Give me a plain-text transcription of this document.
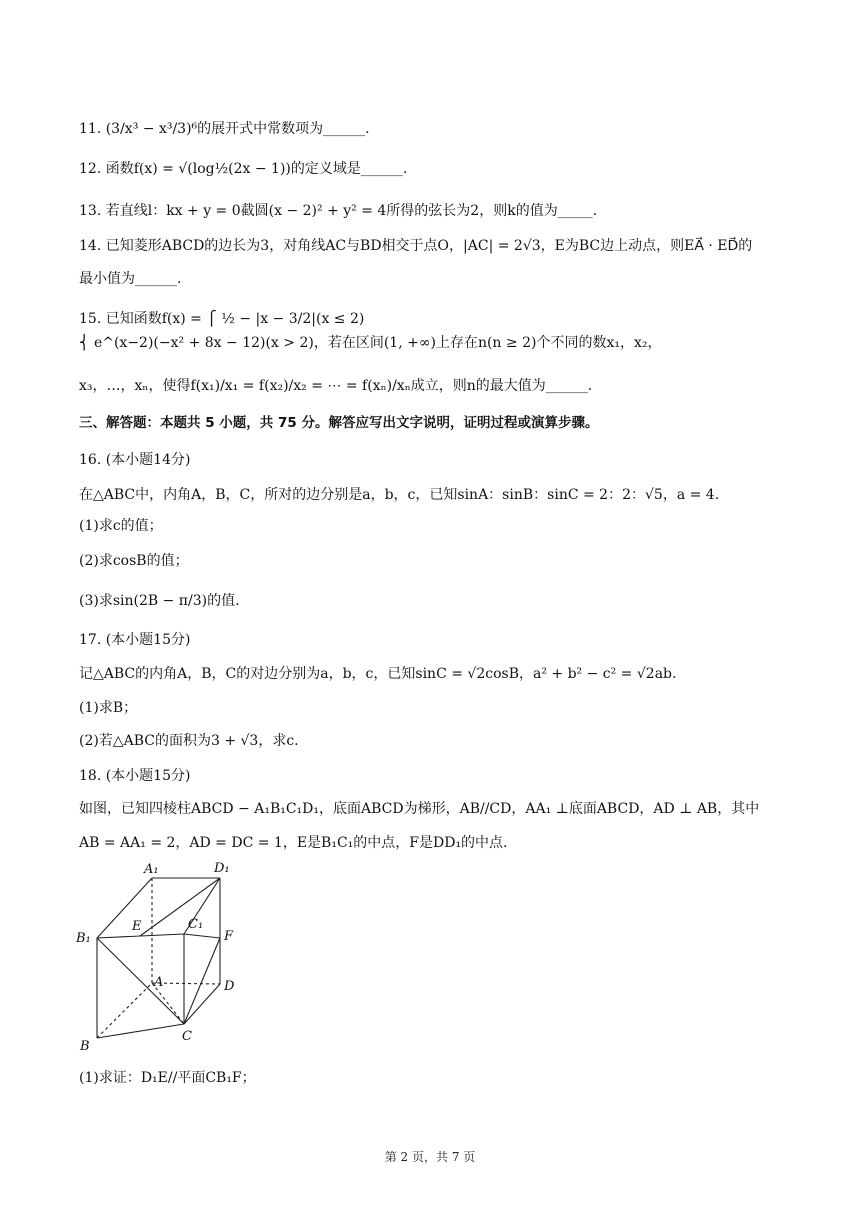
11. (3/x³ − x³/3)⁶的展开式中常数项为______.
12. 函数f(x) = √(log½(2x − 1))的定义域是______.
13. 若直线l：kx + y = 0截圆(x − 2)² + y² = 4所得的弦长为2，则k的值为_____.
14. 已知菱形ABCD的边长为3，对角线AC与BD相交于点O，|AC| = 2√3，E为BC边上动点，则EA⃗ · ED⃗的
最小值为______.
15. 已知函数f(x) = ⎧ ½ − |x − 3/2|(x ≤ 2)
⎨ e^(x−2)(−x² + 8x − 12)(x > 2)，若在区间(1, +∞)上存在n(n ≥ 2)个不同的数x₁，x₂，
x₃，…，xₙ，使得f(x₁)/x₁ = f(x₂)/x₂ = ⋯ = f(xₙ)/xₙ成立，则n的最大值为______.
三、解答题：本题共 5 小题，共 75 分。解答应写出文字说明，证明过程或演算步骤。
16. (本小题14分)
在△ABC中，内角A，B，C，所对的边分别是a，b，c，已知sinA：sinB：sinC = 2：2：√5，a = 4.
(1)求c的值；
(2)求cosB的值；
(3)求sin(2B − π/3)的值.
17. (本小题15分)
记△ABC的内角A，B，C的对边分别为a，b，c，已知sinC = √2cosB，a² + b² − c² = √2ab.
(1)求B；
(2)若△ABC的面积为3 + √3，求c.
18. (本小题15分)
如图，已知四棱柱ABCD − A₁B₁C₁D₁，底面ABCD为梯形，AB//CD，AA₁ ⊥底面ABCD，AD ⊥ AB，其中
AB = AA₁ = 2，AD = DC = 1，E是B₁C₁的中点，F是DD₁的中点.
A₁	D₁
E	C₁
B₁	F
A	D
B
C
(1)求证：D₁E//平面CB₁F；
第 2 页，共 7 页
